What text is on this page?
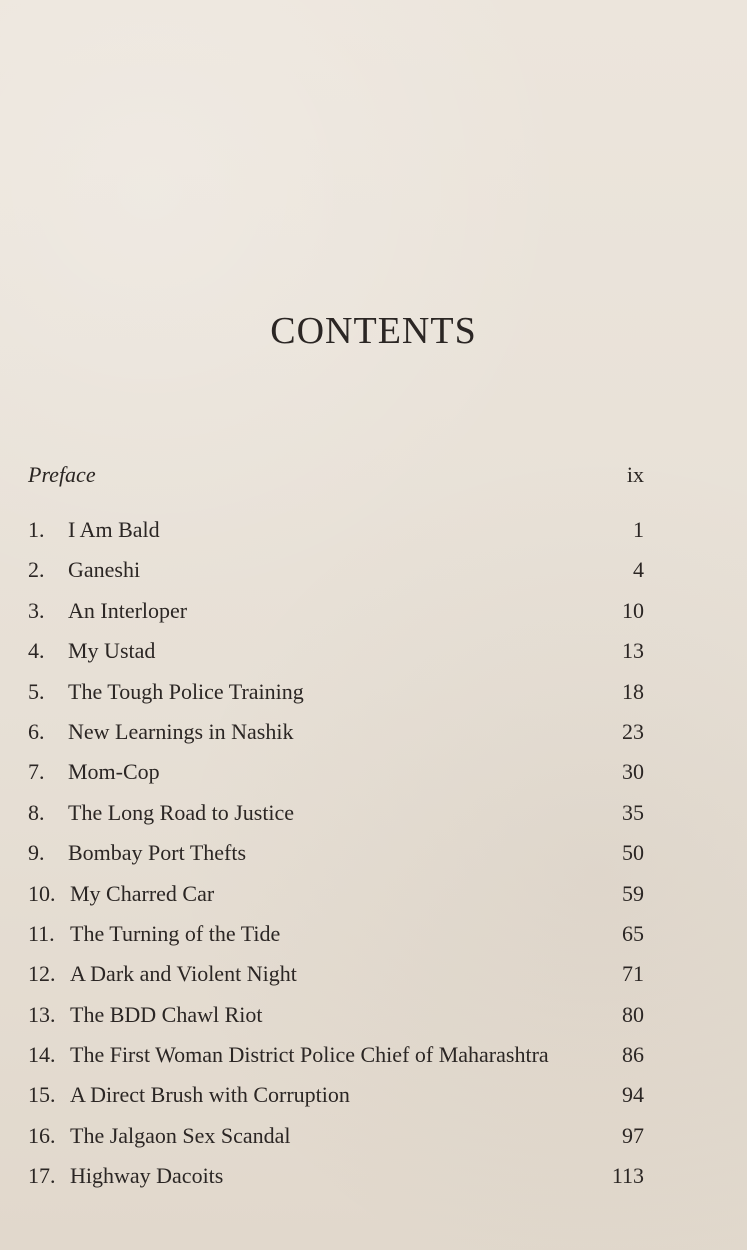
CONTENTS
Preface	ix
1.	I Am Bald	1
2.	Ganeshi	4
3.	An Interloper	10
4.	My Ustad	13
5.	The Tough Police Training	18
6.	New Learnings in Nashik	23
7.	Mom-Cop	30
8.	The Long Road to Justice	35
9.	Bombay Port Thefts	50
10. My Charred Car	59
11. The Turning of the Tide	65
12. A Dark and Violent Night	71
13. The BDD Chawl Riot	80
14. The First Woman District Police Chief of Maharashtra	86
15. A Direct Brush with Corruption	94
16. The Jalgaon Sex Scandal	97
17. Highway Dacoits	113
